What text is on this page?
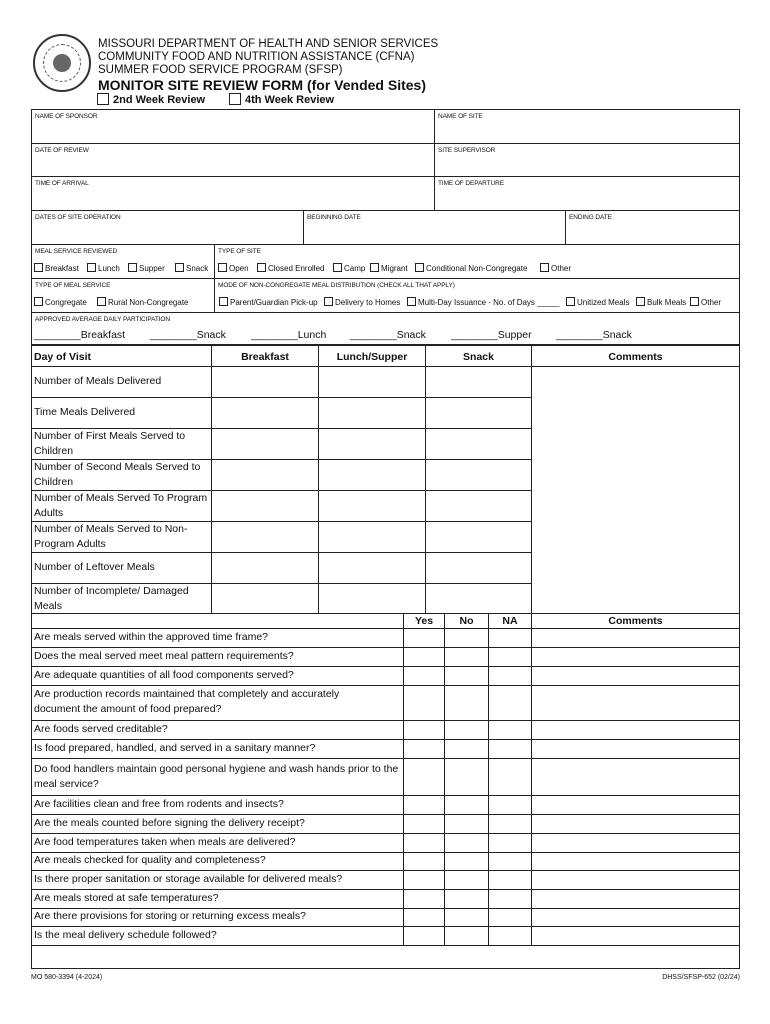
MISSOURI DEPARTMENT OF HEALTH AND SENIOR SERVICES
COMMUNITY FOOD AND NUTRITION ASSISTANCE (CFNA)
SUMMER FOOD SERVICE PROGRAM (SFSP)
MONITOR SITE REVIEW FORM (for Vended Sites)
2nd Week Review	4th Week Review
NAME OF SPONSOR	NAME OF SITE
DATE OF REVIEW	SITE SUPERVISOR
TIME OF ARRIVAL	TIME OF DEPARTURE
DATES OF SITE OPERATION	BEGINNING DATE	ENDING DATE
MEAL SERVICE REVIEWED
Breakfast	Lunch	Supper	Snack
TYPE OF SITE
Open	Closed Enrolled	Camp	Migrant	Conditional Non-Congregate	Other
TYPE OF MEAL SERVICE
Congregate	Rural Non-Congregate
MODE OF NON-CONGREGATE MEAL DISTRIBUTION (CHECK ALL THAT APPLY)
Parent/Guardian Pick-up	Delivery to Homes	Multi-Day Issuance - No. of Days _____	Unitized Meals	Bulk Meals	Other
APPROVED AVERAGE DAILY PARTICIPATION
________Breakfast ________Snack ________Lunch ________Snack ________Supper ________Snack
Day of Visit	Breakfast	Lunch/Supper	Snack	Comments
Number of Meals Delivered
Time Meals Delivered
Number of First Meals Served to Children
Number of Second Meals Served to Children
Number of Meals Served To Program Adults
Number of Meals Served to Non-Program Adults
Number of Leftover Meals
Number of Incomplete/ Damaged Meals
Yes	No	NA	Comments
Are meals served within the approved time frame?
Does the meal served meet meal pattern requirements?
Are adequate quantities of all food components served?
Are production records maintained that completely and accurately document the amount of food prepared?
Are foods served creditable?
Is food prepared, handled, and served in a sanitary manner?
Do food handlers maintain good personal hygiene and wash hands prior to the meal service?
Are facilities clean and free from rodents and insects?
Are the meals counted before signing the delivery receipt?
Are food temperatures taken when meals are delivered?
Are meals checked for quality and completeness?
Is there proper sanitation or storage available for delivered meals?
Are meals stored at safe temperatures?
Are there provisions for storing or returning excess meals?
Is the meal delivery schedule followed?
MO 580-3394 (4-2024)	DHSS/SFSP-652 (02/24)
